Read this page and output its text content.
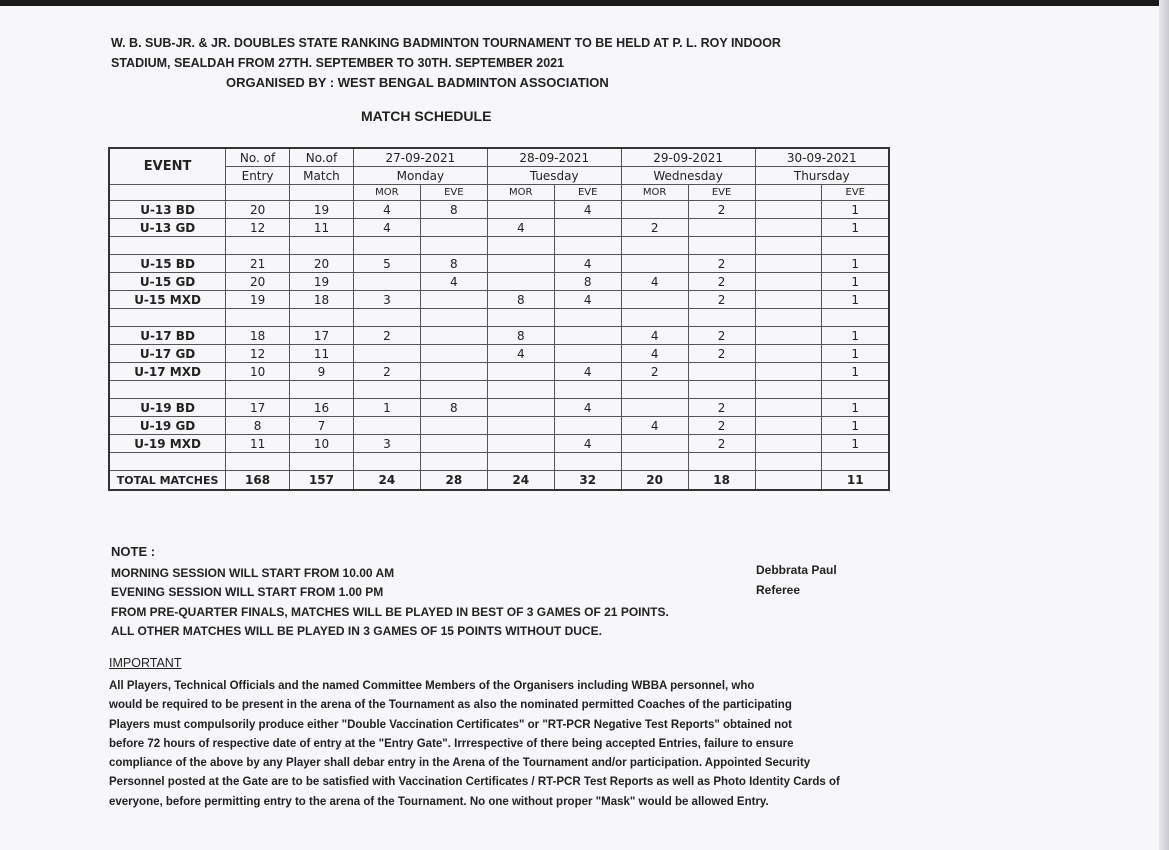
W. B. SUB-JR. & JR. DOUBLES STATE RANKING BADMINTON TOURNAMENT TO BE HELD AT P. L. ROY INDOOR
STADIUM, SEALDAH FROM 27TH. SEPTEMBER TO 30TH. SEPTEMBER 2021
ORGANISED BY : WEST BENGAL BADMINTON ASSOCIATION
MATCH SCHEDULE
EVENT	No. of	No.of	27-09-2021		28-09-2021		29-09-2021		30-09-2021	
	Entry	Match	Monday		Tuesday		Wednesday		Thursday	
			MOR	EVE	MOR	EVE	MOR	EVE		EVE
U-13 BD	20	19	4	8		4		2		1
U-13 GD	12	11	4		4		2			1

U-15 BD	21	20	5	8		4		2		1
U-15 GD	20	19		4		8	4	2		1
U-15 MXD	19	18	3		8	4		2		1

U-17 BD	18	17	2		8		4	2		1
U-17 GD	12	11			4		4	2		1
U-17 MXD	10	9	2			4	2			1

U-19 BD	17	16	1	8		4		2		1
U-19 GD	8	7					4	2		1
U-19 MXD	11	10	3			4		2		1

TOTAL MATCHES	168	157	24	28	24	32	20	18		11
NOTE :
MORNING SESSION WILL START FROM 10.00 AM
EVENING SESSION WILL START FROM 1.00 PM
FROM PRE-QUARTER FINALS, MATCHES WILL BE PLAYED IN BEST OF 3 GAMES OF 21 POINTS.
ALL OTHER MATCHES WILL BE PLAYED IN 3 GAMES OF 15 POINTS WITHOUT DUCE.
Debbrata Paul
Referee
IMPORTANT
All Players, Technical Officials and the named Committee Members of the Organisers including WBBA personnel, who
would be required to be present in the arena of the Tournament as also the nominated permitted Coaches of the participating
Players must compulsorily produce either "Double Vaccination Certificates" or "RT-PCR Negative Test Reports" obtained not
before 72 hours of respective date of entry at the "Entry Gate". Irrrespective of there being accepted Entries, failure to ensure
compliance of the above by any Player shall debar entry in the Arena of the Tournament and/or participation. Appointed Security
Personnel posted at the Gate are to be satisfied with Vaccination Certificates / RT-PCR Test Reports as well as Photo Identity Cards of
everyone, before permitting entry to the arena of the Tournament. No one without proper "Mask" would be allowed Entry.
